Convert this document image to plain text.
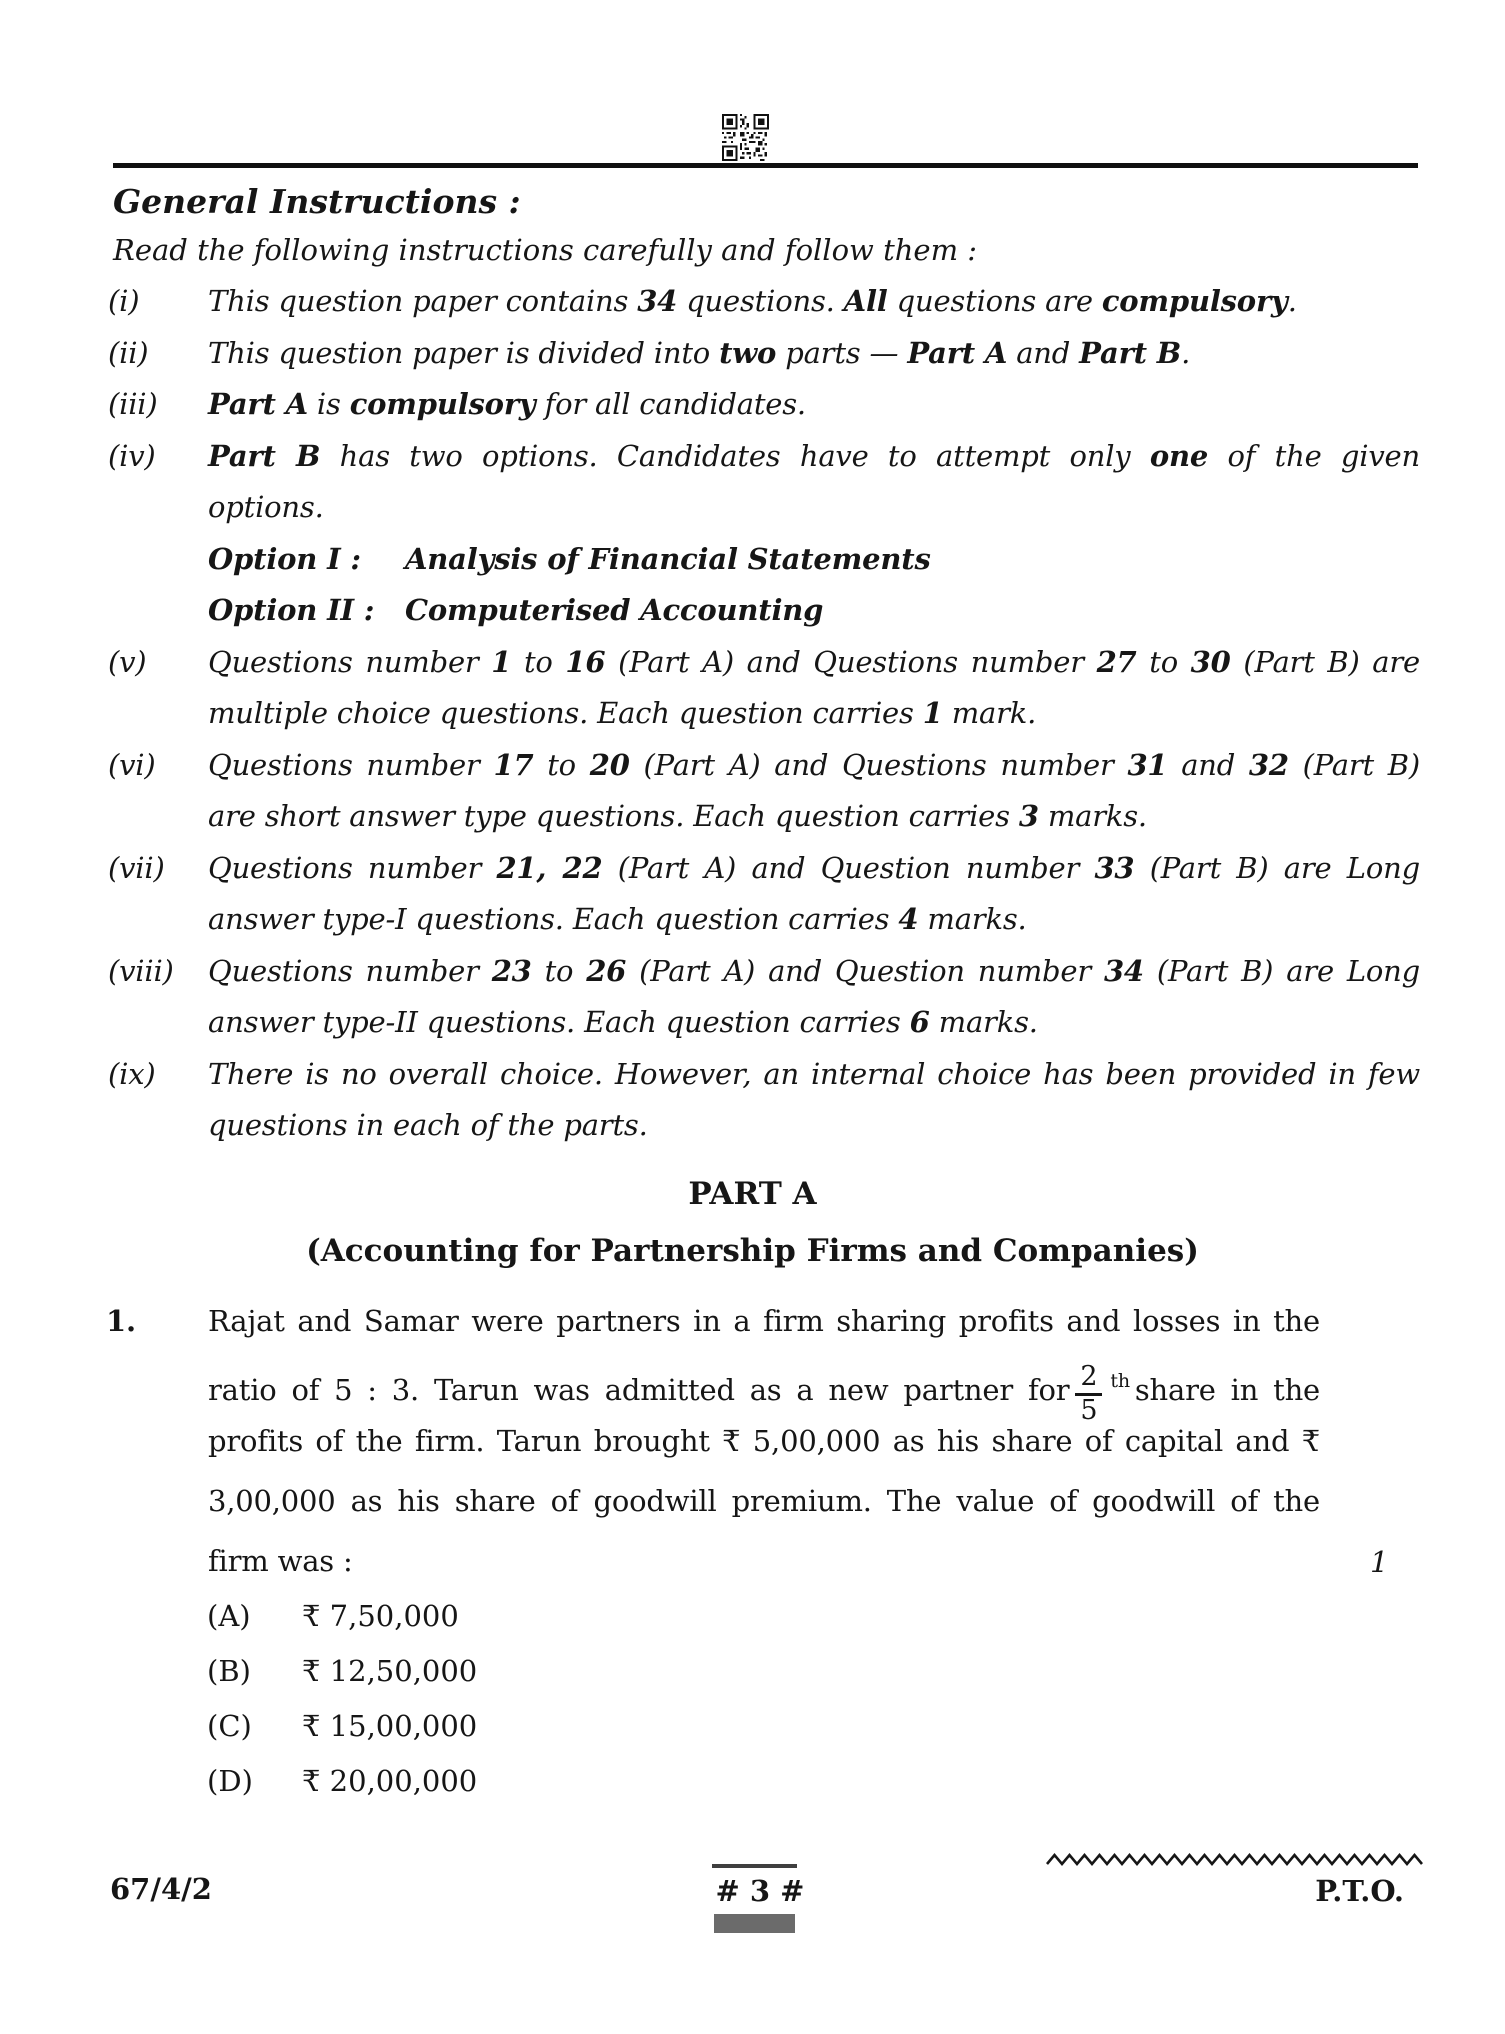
General Instructions :
Read the following instructions carefully and follow them :
(i)	This question paper contains 34 questions. All questions are compulsory.
(ii)	This question paper is divided into two parts — Part A and Part B.
(iii)	Part A is compulsory for all candidates.
(iv)	Part B has two options. Candidates have to attempt only one of the given
options.
Option I : Analysis of Financial Statements
Option II : Computerised Accounting
(v)	Questions number 1 to 16 (Part A) and Questions number 27 to 30 (Part B) are
multiple choice questions. Each question carries 1 mark.
(vi)	Questions number 17 to 20 (Part A) and Questions number 31 and 32 (Part B)
are short answer type questions. Each question carries 3 marks.
(vii)	Questions number 21, 22 (Part A) and Question number 33 (Part B) are Long
answer type-I questions. Each question carries 4 marks.
(viii)	Questions number 23 to 26 (Part A) and Question number 34 (Part B) are Long
answer type-II questions. Each question carries 6 marks.
(ix)	There is no overall choice. However, an internal choice has been provided in few
questions in each of the parts.
PART A
(Accounting for Partnership Firms and Companies)
1.	Rajat and Samar were partners in a firm sharing profits and losses in the
ratio of 5 : 3. Tarun was admitted as a new partner for $\frac{2}{5} ^{th}$ share in the
profits of the firm. Tarun brought ₹ 5,00,000 as his share of capital and ₹
3,00,000 as his share of goodwill premium. The value of goodwill of the
firm was :	1
(A)	₹ 7,50,000
(B)	₹ 12,50,000
(C)	₹ 15,00,000
(D)	₹ 20,00,000
67/4/2	# 3 #	P.T.O.
